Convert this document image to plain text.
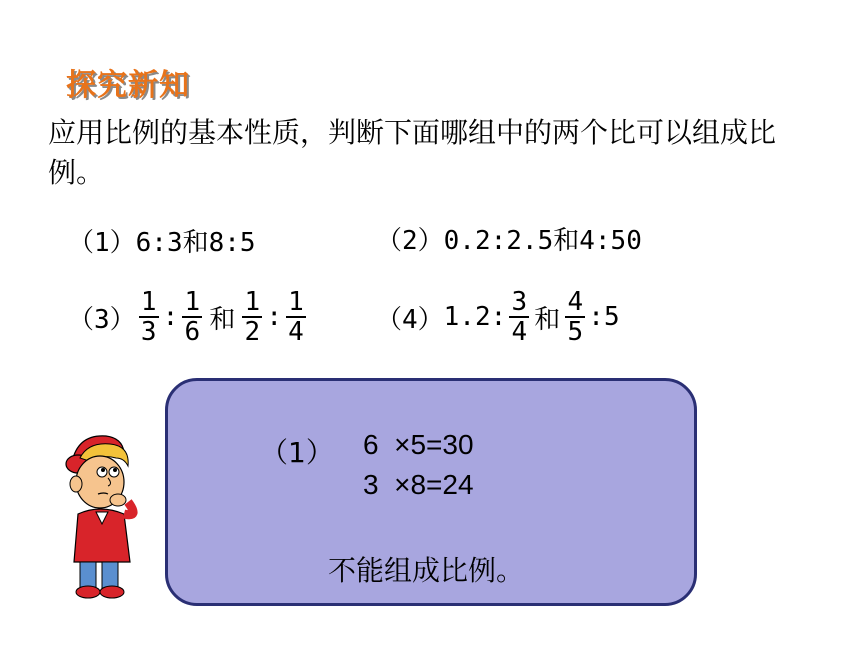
探究新知
应用比例的基本性质，判断下面哪组中的两个比可以组成比例。
（1） 6:3和8:5	（2） 0.2:2.5和4:50
$(3) \frac{1}{3}$ : $\frac{1}{6}$ 和 $\frac{1}{2}$ : $\frac{1}{4}$	（4） 1.2: $\frac{3}{4}$ 和 $\frac{4}{5}$ :5
（1） 6  ×5=30
3  ×8=24
不能组成比例。
